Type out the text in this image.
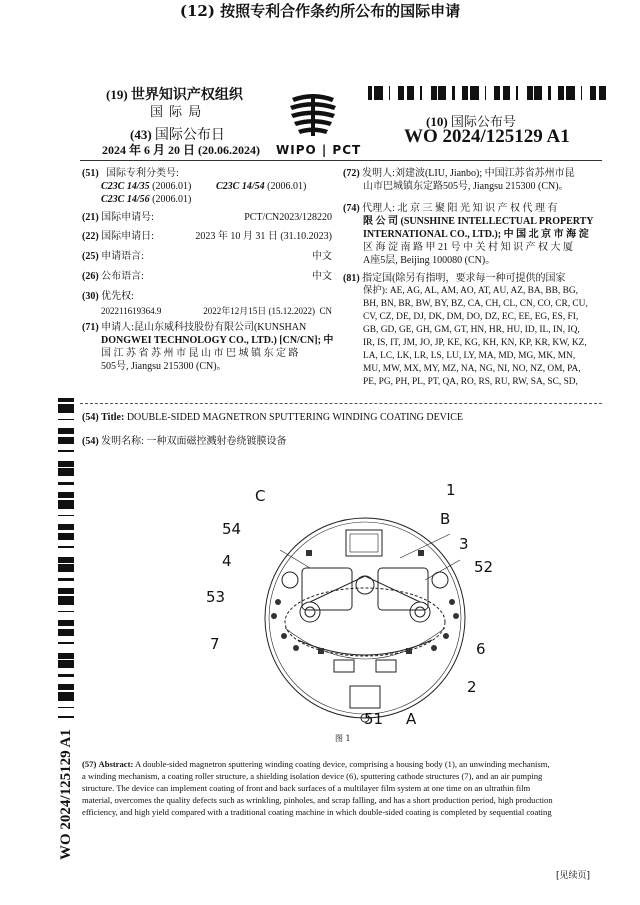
(12) 按照专利合作条约所公布的国际申请
(19) 世界知识产权组织
国 际 局
(43) 国际公布日
2024 年 6 月 20 日 (20.06.2024) WIPO | PCT
(10) 国际公布号
WO 2024/125129 A1
(51) 国际专利分类号:
C23C 14/35 (2006.01) C23C 14/54 (2006.01)
C23C 14/56 (2006.01)
(21) 国际申请号:	PCT/CN2023/128220
(22) 国际申请日:	2023 年 10 月 31 日 (31.10.2023)
(25) 申请语言:	中文
(26) 公布语言:	中文
(30)
优先权:
202211619364.9	2022年12月15日 (15.12.2022) CN
(71) 申请人:昆山东威科技股份有限公司(KUNSHAN
DONGWEI TECHNOLOGY CO., LTD.) [CN/CN]; 中
国 江 苏 省 苏 州 市 昆 山 市 巴 城 镇 东 定 路
505号, Jiangsu 215300 (CN)。
(72) 发明人:刘建波(LIU, Jianbo); 中国江苏省苏州市昆
山市巴城镇东定路505号, Jiangsu 215300 (CN)。
(74) 代理人: 北 京 三 聚 阳 光 知 识 产 权 代 理 有
限 公 司 (SUNSHINE INTELLECTUAL PROPERTY
INTERNATIONAL CO., LTD.); 中 国 北 京 市 海 淀
区 海 淀 南 路 甲 21 号 中 关 村 知 识 产 权 大 厦
A座5层, Beijing 100080 (CN)。
(81) 指定国(除另有指明，要求每一种可提供的国家
保护): AE, AG, AL, AM, AO, AT, AU, AZ, BA, BB, BG,
BH, BN, BR, BW, BY, BZ, CA, CH, CL, CN, CO, CR, CU,
CV, CZ, DE, DJ, DK, DM, DO, DZ, EC, EE, EG, ES, FI,
GB, GD, GE, GH, GM, GT, HN, HR, HU, ID, IL, IN, IQ,
IR, IS, IT, JM, JO, JP, KE, KG, KH, KN, KP, KR, KW, KZ,
LA, LC, LK, LR, LS, LU, LY, MA, MD, MG, MK, MN,
MU, MW, MX, MY, MZ, NA, NG, NI, NO, NZ, OM, PA,
PE, PG, PH, PL, PT, QA, RO, RS, RU, RW, SA, SC, SD,
(54) Title: DOUBLE-SIDED MAGNETRON SPUTTERING WINDING COATING DEVICE
(54) 发明名称: 一种双面磁控溅射卷绕镀膜设备
C	1
B
54
3
4	52
53
7	6
2
51 A
图 1
(57) Abstract: A double-sided magnetron sputtering winding coating device, comprising a housing body (1), an unwinding mechanism,
a winding mechanism, a coating roller structure, a shielding isolation device (6), sputtering cathode structures (7), and an air pumping
structure. The device can implement coating of front and back surfaces of a multilayer film system at one time on an ultrathin film
material, overcomes the quality defects such as wrinkling, pinholes, and scrap falling, and has a short production period, high production
efficiency, and high yield compared with a traditional coating machine in which double-sided coating is completed by sequential coating
[见续页]
WO 2024/125129 A1
